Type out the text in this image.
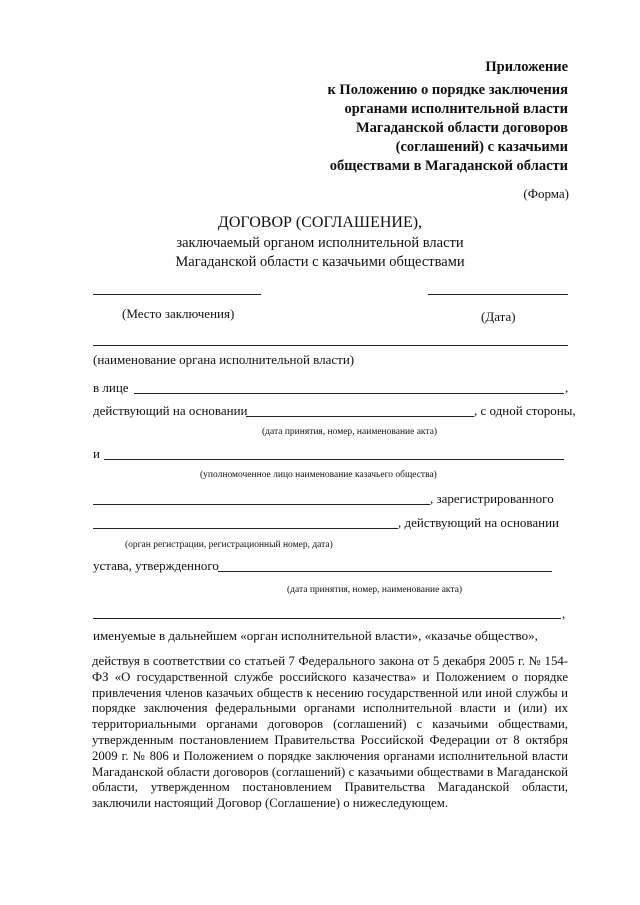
Приложение
к Положению о порядке заключения
органами исполнительной власти
Магаданской области договоров
(соглашений) с казачьими
обществами в Магаданской области
(Форма)
ДОГОВОР (СОГЛАШЕНИЕ),
заключаемый органом исполнительной власти
Магаданской области с казачьими обществами
(Место заключения)	(Дата)
(наименование органа исполнительной власти)
в лице	,
действующий на основании	, с одной стороны,
(дата принятия, номер, наименование акта)
и
(уполномоченное лицо наименование казачьего общества)
, зарегистрированного
, действующий на основании
(орган регистрации, регистрационный номер, дата)
устава, утвержденного
(дата принятия, номер, наименование акта)
,
именуемые в дальнейшем «орган исполнительной власти», «казачье общество»,
действуя в соответствии со статьей 7 Федерального закона от 5 декабря 2005 г. № 154-ФЗ «О государственной службе российского казачества» и Положением о порядке привлечения членов казачьих обществ к несению государственной или иной службы и порядке заключения федеральными органами исполнительной власти и (или) их территориальными органами договоров (соглашений) с казачьими обществами, утвержденным постановлением Правительства Российской Федерации от 8 октября 2009 г. № 806 и Положением о порядке заключения органами исполнительной власти Магаданской области договоров (соглашений) с казачьими обществами в Магаданской области, утвержденном постановлением Правительства Магаданской области, заключили настоящий Договор (Соглашение) о нижеследующем.
